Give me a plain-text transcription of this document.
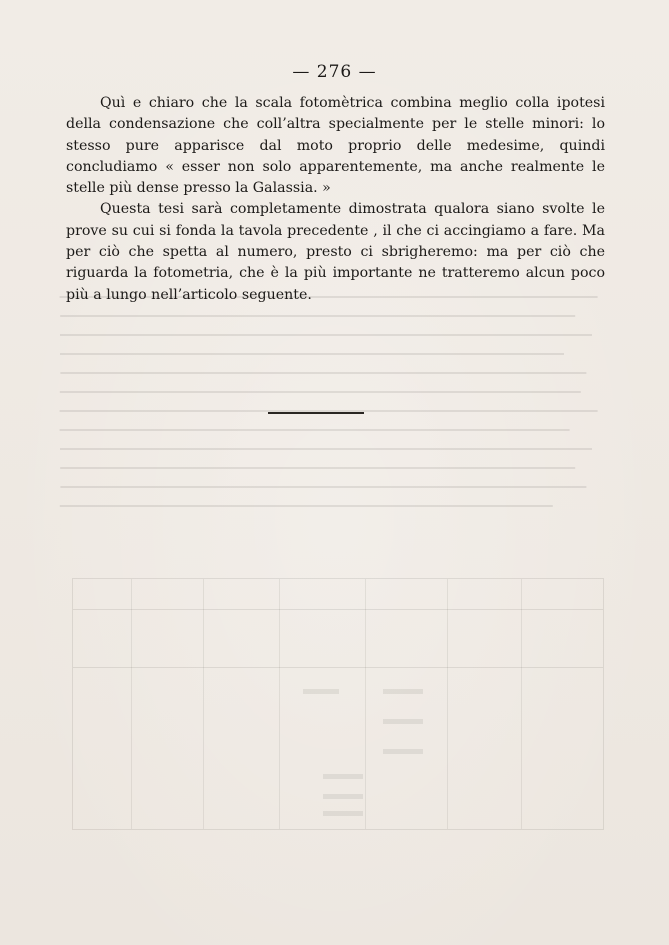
— 276 —

Quì e chiaro che la scala fotomètrica combina meglio colla ipotesi della condensazione che coll’altra specialmente per le stelle minori: lo stesso pure apparisce dal moto proprio delle medesime, quindi concludiamo « esser non solo apparentemente, ma anche realmente le stelle più dense presso la Galassia. »

Questa tesi sarà completamente dimostrata qualora siano svolte le prove su cui si fonda la tavola precedente , il che ci accingiamo a fare. Ma per ciò che spetta al numero, presto ci sbrigheremo: ma per ciò che riguarda la fotometria, che è la più importante ne tratteremo alcun poco più a lungo nell’articolo seguente.
